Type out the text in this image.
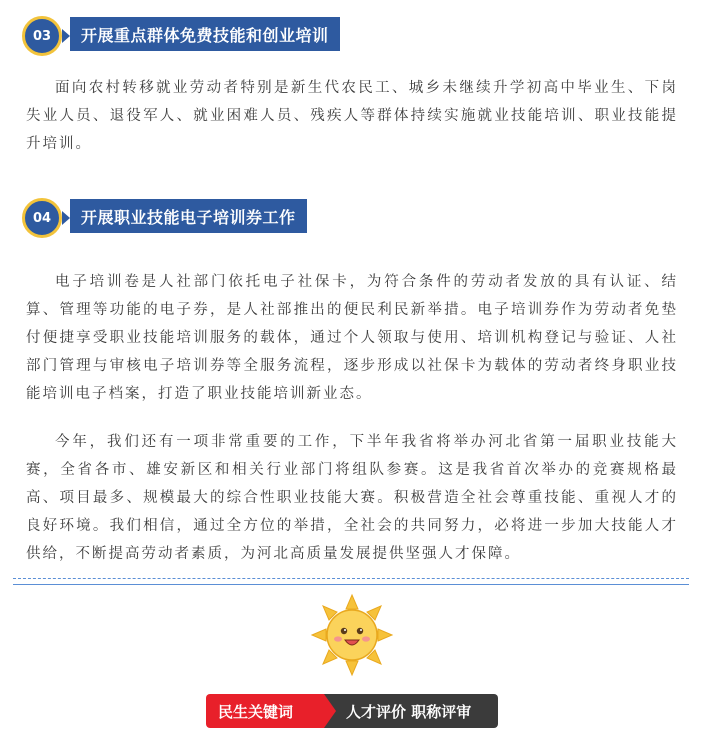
03 开展重点群体免费技能和创业培训

面向农村转移就业劳动者特别是新生代农民工、城乡未继续升学初高中毕业生、下岗失业人员、退役军人、就业困难人员、残疾人等群体持续实施就业技能培训、职业技能提升培训。

04 开展职业技能电子培训券工作

电子培训卷是人社部门依托电子社保卡，为符合条件的劳动者发放的具有认证、结算、管理等功能的电子券，是人社部推出的便民利民新举措。电子培训券作为劳动者免垫付便捷享受职业技能培训服务的载体，通过个人领取与使用、培训机构登记与验证、人社部门管理与审核电子培训券等全服务流程，逐步形成以社保卡为载体的劳动者终身职业技能培训电子档案，打造了职业技能培训新业态。

今年，我们还有一项非常重要的工作，下半年我省将举办河北省第一届职业技能大赛，全省各市、雄安新区和相关行业部门将组队参赛。这是我省首次举办的竞赛规格最高、项目最多、规模最大的综合性职业技能大赛。积极营造全社会尊重技能、重视人才的良好环境。我们相信，通过全方位的举措，全社会的共同努力，必将进一步加大技能人才供给，不断提高劳动者素质，为河北高质量发展提供坚强人才保障。

民生关键词	人才评价 职称评审
